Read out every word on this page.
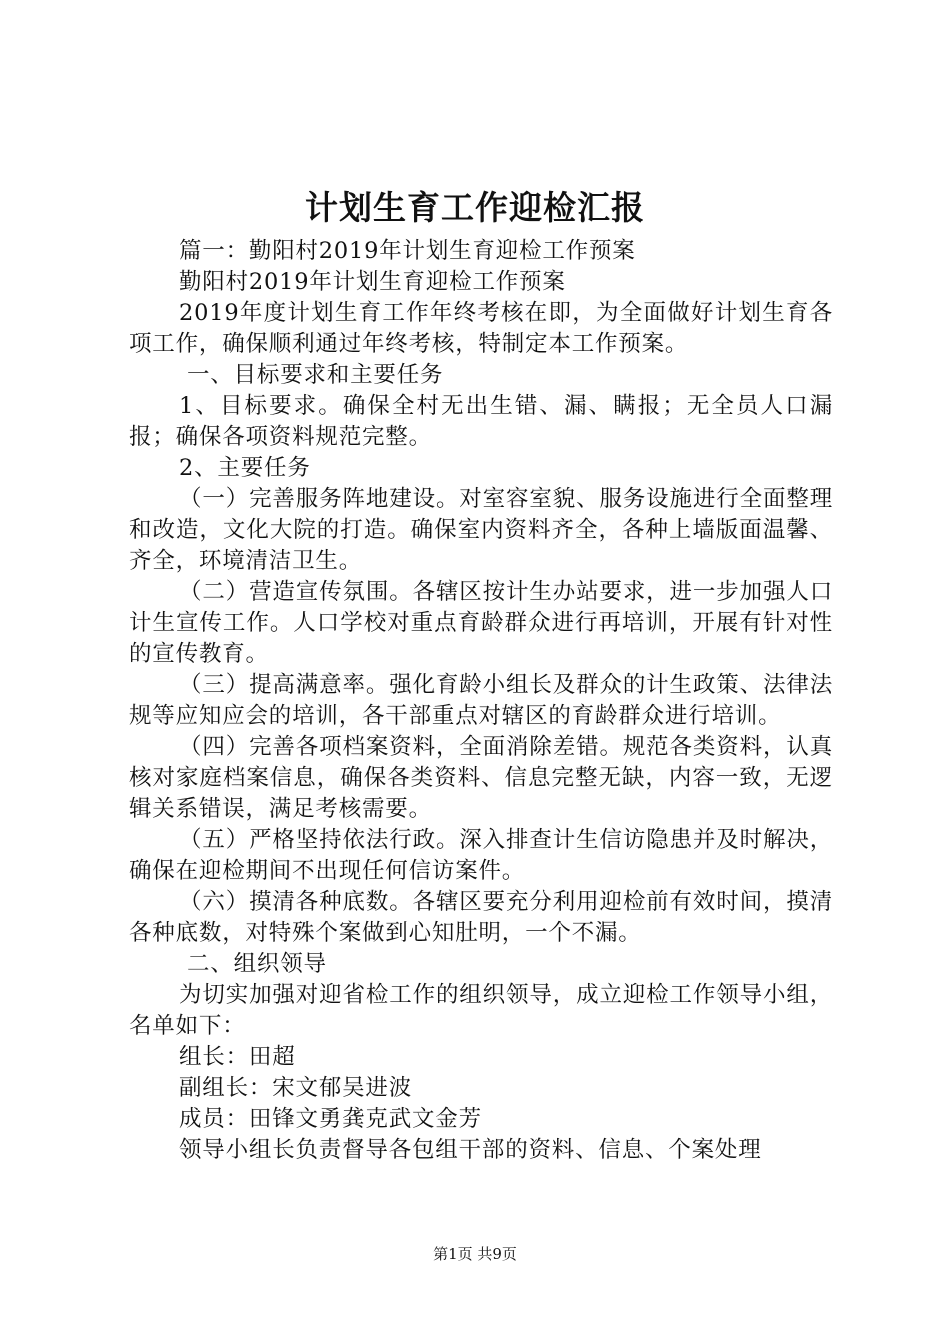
计划生育工作迎检汇报

篇一：勤阳村2019年计划生育迎检工作预案

勤阳村2019年计划生育迎检工作预案

2019年度计划生育工作年终考核在即，为全面做好计划生育各项工作，确保顺利通过年终考核，特制定本工作预案。

一、目标要求和主要任务

1、目标要求。确保全村无出生错、漏、瞒报；无全员人口漏报；确保各项资料规范完整。

2、主要任务

（一）完善服务阵地建设。对室容室貌、服务设施进行全面整理和改造，文化大院的打造。确保室内资料齐全，各种上墙版面温馨、齐全，环境清洁卫生。

（二）营造宣传氛围。各辖区按计生办站要求，进一步加强人口计生宣传工作。人口学校对重点育龄群众进行再培训，开展有针对性的宣传教育。

（三）提高满意率。强化育龄小组长及群众的计生政策、法律法规等应知应会的培训，各干部重点对辖区的育龄群众进行培训。

（四）完善各项档案资料，全面消除差错。规范各类资料，认真核对家庭档案信息，确保各类资料、信息完整无缺，内容一致，无逻辑关系错误，满足考核需要。

（五）严格坚持依法行政。深入排查计生信访隐患并及时解决，确保在迎检期间不出现任何信访案件。

（六）摸清各种底数。各辖区要充分利用迎检前有效时间，摸清各种底数，对特殊个案做到心知肚明，一个不漏。

二、组织领导

为切实加强对迎省检工作的组织领导，成立迎检工作领导小组，名单如下：

组长：田超

副组长：宋文郁吴进波

成员：田锋文勇龚克武文金芳

领导小组长负责督导各包组干部的资料、信息、个案处理

第1页 共9页
